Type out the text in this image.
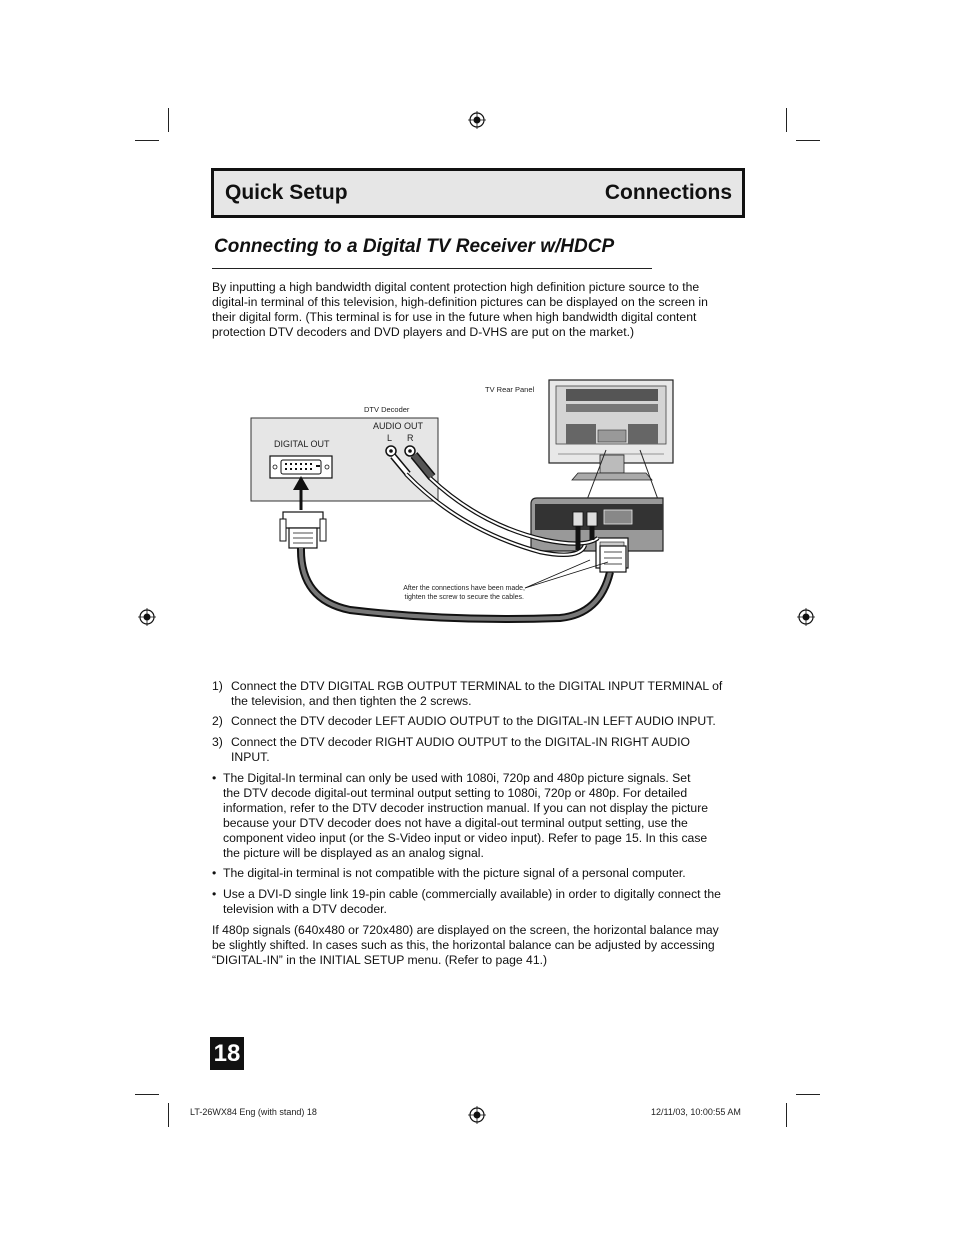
Quick Setup	Connections
Connecting to a Digital TV Receiver w/HDCP
By inputting a high bandwidth digital content protection high definition picture source to the
digital-in terminal of this television, high-definition pictures can be displayed on the screen in
their digital form. (This terminal is for use in the future when high bandwidth digital content
protection DTV decoders and DVD players and D-VHS are put on the market.)
TV Rear Panel
DTV Decoder
AUDIO OUT
L R
DIGITAL OUT
After the connections have been made,
tighten the screw to secure the cables.
1) Connect the DTV DIGITAL RGB OUTPUT TERMINAL to the DIGITAL INPUT TERMINAL of
the television, and then tighten the 2 screws.
2) Connect the DTV decoder LEFT AUDIO OUTPUT to the DIGITAL-IN LEFT AUDIO INPUT.
3) Connect the DTV decoder RIGHT AUDIO OUTPUT to the DIGITAL-IN RIGHT AUDIO
INPUT.
• The Digital-In terminal can only be used with 1080i, 720p and 480p picture signals. Set
the DTV decode digital-out terminal output setting to 1080i, 720p or 480p. For detailed
information, refer to the DTV decoder instruction manual. If you can not display the picture
because your DTV decoder does not have a digital-out terminal output setting, use the
component video input (or the S-Video input or video input). Refer to page 15. In this case
the picture will be displayed as an analog signal.
• The digital-in terminal is not compatible with the picture signal of a personal computer.
• Use a DVI-D single link 19-pin cable (commercially available) in order to digitally connect the
television with a DTV decoder.
If 480p signals (640x480 or 720x480) are displayed on the screen, the horizontal balance may
be slightly shifted. In cases such as this, the horizontal balance can be adjusted by accessing
“DIGITAL-IN” in the INITIAL SETUP menu. (Refer to page 41.)
18
LT-26WX84 Eng (with stand) 18	12/11/03, 10:00:55 AM
